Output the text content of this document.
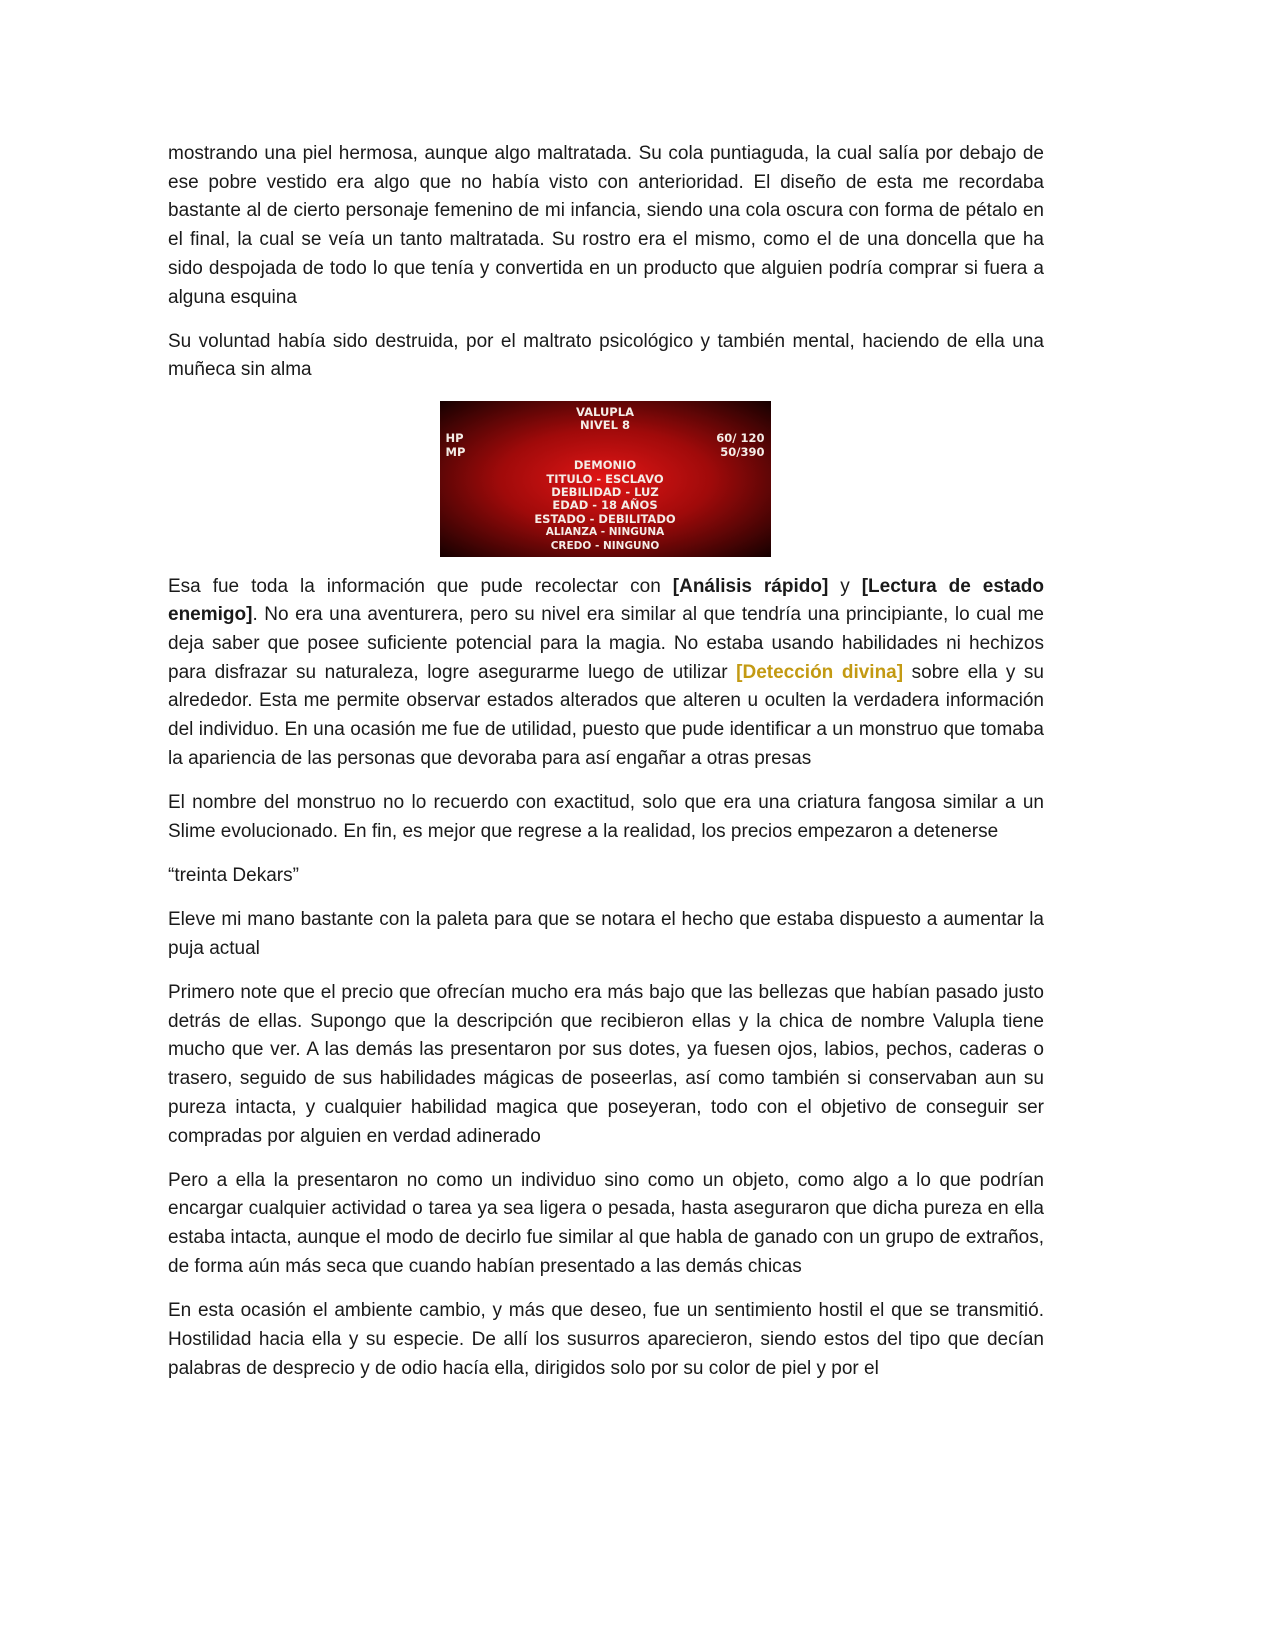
mostrando una piel hermosa, aunque algo maltratada. Su cola puntiaguda, la cual salía por debajo de ese pobre vestido era algo que no había visto con anterioridad. El diseño de esta me recordaba bastante al de cierto personaje femenino de mi infancia, siendo una cola oscura con forma de pétalo en el final, la cual se veía un tanto maltratada. Su rostro era el mismo, como el de una doncella que ha sido despojada de todo lo que tenía y convertida en un producto que alguien podría comprar si fuera a alguna esquina

Su voluntad había sido destruida, por el maltrato psicológico y también mental, haciendo de ella una muñeca sin alma

VALUPLA
NIVEL 8
HP	60/ 120
MP	50/390
DEMONIO
TITULO - ESCLAVO
DEBILIDAD - LUZ
EDAD - 18 AÑOS
ESTADO - DEBILITADO
ALIANZA - NINGUNA
CREDO - NINGUNO

Esa fue toda la información que pude recolectar con [Análisis rápido] y [Lectura de estado enemigo]. No era una aventurera, pero su nivel era similar al que tendría una principiante, lo cual me deja saber que posee suficiente potencial para la magia. No estaba usando habilidades ni hechizos para disfrazar su naturaleza, logre asegurarme luego de utilizar [Detección divina] sobre ella y su alrededor. Esta me permite observar estados alterados que alteren u oculten la verdadera información del individuo. En una ocasión me fue de utilidad, puesto que pude identificar a un monstruo que tomaba la apariencia de las personas que devoraba para así engañar a otras presas

El nombre del monstruo no lo recuerdo con exactitud, solo que era una criatura fangosa similar a un Slime evolucionado. En fin, es mejor que regrese a la realidad, los precios empezaron a detenerse

“treinta Dekars”

Eleve mi mano bastante con la paleta para que se notara el hecho que estaba dispuesto a aumentar la puja actual

Primero note que el precio que ofrecían mucho era más bajo que las bellezas que habían pasado justo detrás de ellas. Supongo que la descripción que recibieron ellas y la chica de nombre Valupla tiene mucho que ver. A las demás las presentaron por sus dotes, ya fuesen ojos, labios, pechos, caderas o trasero, seguido de sus habilidades mágicas de poseerlas, así como también si conservaban aun su pureza intacta, y cualquier habilidad magica que poseyeran, todo con el objetivo de conseguir ser compradas por alguien en verdad adinerado

Pero a ella la presentaron no como un individuo sino como un objeto, como algo a lo que podrían encargar cualquier actividad o tarea ya sea ligera o pesada, hasta aseguraron que dicha pureza en ella estaba intacta, aunque el modo de decirlo fue similar al que habla de ganado con un grupo de extraños, de forma aún más seca que cuando habían presentado a las demás chicas

En esta ocasión el ambiente cambio, y más que deseo, fue un sentimiento hostil el que se transmitió. Hostilidad hacia ella y su especie. De allí los susurros aparecieron, siendo estos del tipo que decían palabras de desprecio y de odio hacía ella, dirigidos solo por su color de piel y por el
